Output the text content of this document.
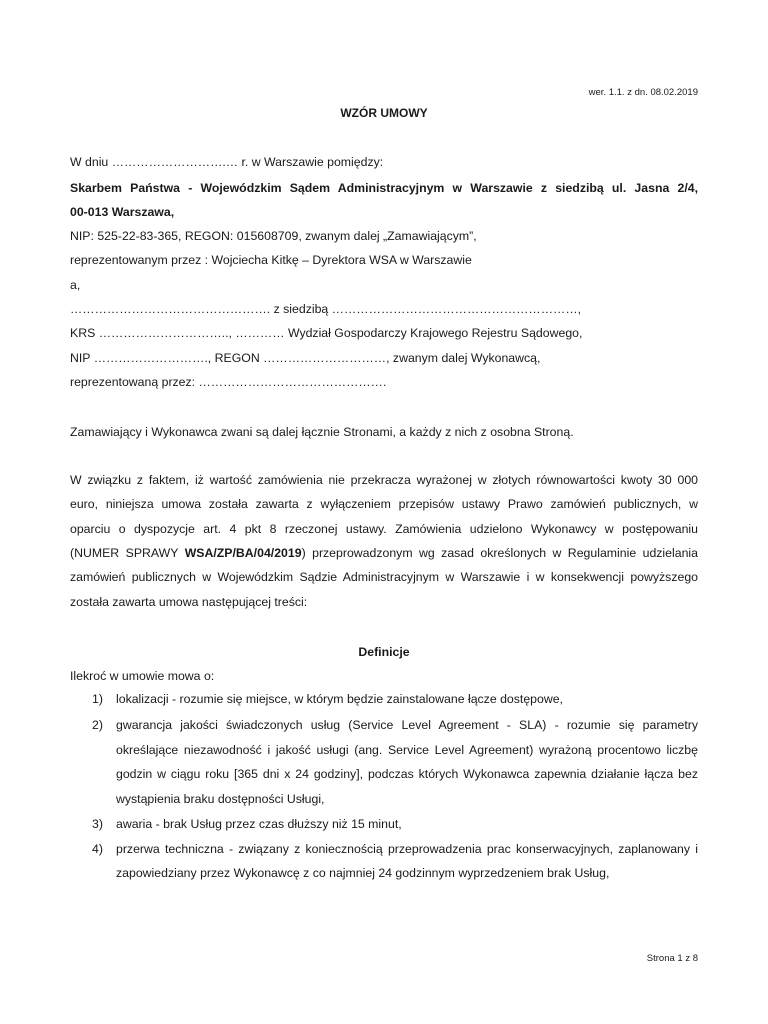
wer. 1.1. z dn. 08.02.2019
WZÓR UMOWY
W dniu ……………………….… r. w Warszawie pomiędzy:
Skarbem Państwa - Wojewódzkim Sądem Administracyjnym w Warszawie z siedzibą ul. Jasna 2/4,
00-013 Warszawa,
NIP: 525-22-83-365, REGON: 015608709, zwanym dalej „Zamawiającym”,
reprezentowanym przez : Wojciecha Kitkę – Dyrektora WSA w Warszawie
a,
…………………………………………. z siedzibą ……………………………………………………,
KRS ………………………….., ………… Wydział Gospodarczy Krajowego Rejestru Sądowego,
NIP ………………………., REGON …………………………, zwanym dalej Wykonawcą,
reprezentowaną przez: ……………………………………….
Zamawiający i Wykonawca zwani są dalej łącznie Stronami, a każdy z nich z osobna Stroną.
W związku z faktem, iż wartość zamówienia nie przekracza wyrażonej w złotych równowartości kwoty 30 000
euro, niniejsza umowa została zawarta z wyłączeniem przepisów ustawy Prawo zamówień publicznych, w
oparciu o dyspozycje art. 4 pkt 8 rzeczonej ustawy. Zamówienia udzielono Wykonawcy w postępowaniu
(NUMER SPRAWY WSA/ZP/BA/04/2019) przeprowadzonym wg zasad określonych w Regulaminie udzielania
zamówień publicznych w Wojewódzkim Sądzie Administracyjnym w Warszawie i w konsekwencji powyższego
została zawarta umowa następującej treści:
Definicje
Ilekroć w umowie mowa o:
1) lokalizacji - rozumie się miejsce, w którym będzie zainstalowane łącze dostępowe,
2) gwarancja jakości świadczonych usług (Service Level Agreement - SLA) - rozumie się parametry
określające niezawodność i jakość usługi (ang. Service Level Agreement) wyrażoną procentowo liczbę
godzin w ciągu roku [365 dni x 24 godziny], podczas których Wykonawca zapewnia działanie łącza bez
wystąpienia braku dostępności Usługi,
3) awaria - brak Usług przez czas dłuższy niż 15 minut,
4) przerwa techniczna - związany z koniecznością przeprowadzenia prac konserwacyjnych, zaplanowany i
zapowiedziany przez Wykonawcę z co najmniej 24 godzinnym wyprzedzeniem brak Usług,
Strona 1 z 8
